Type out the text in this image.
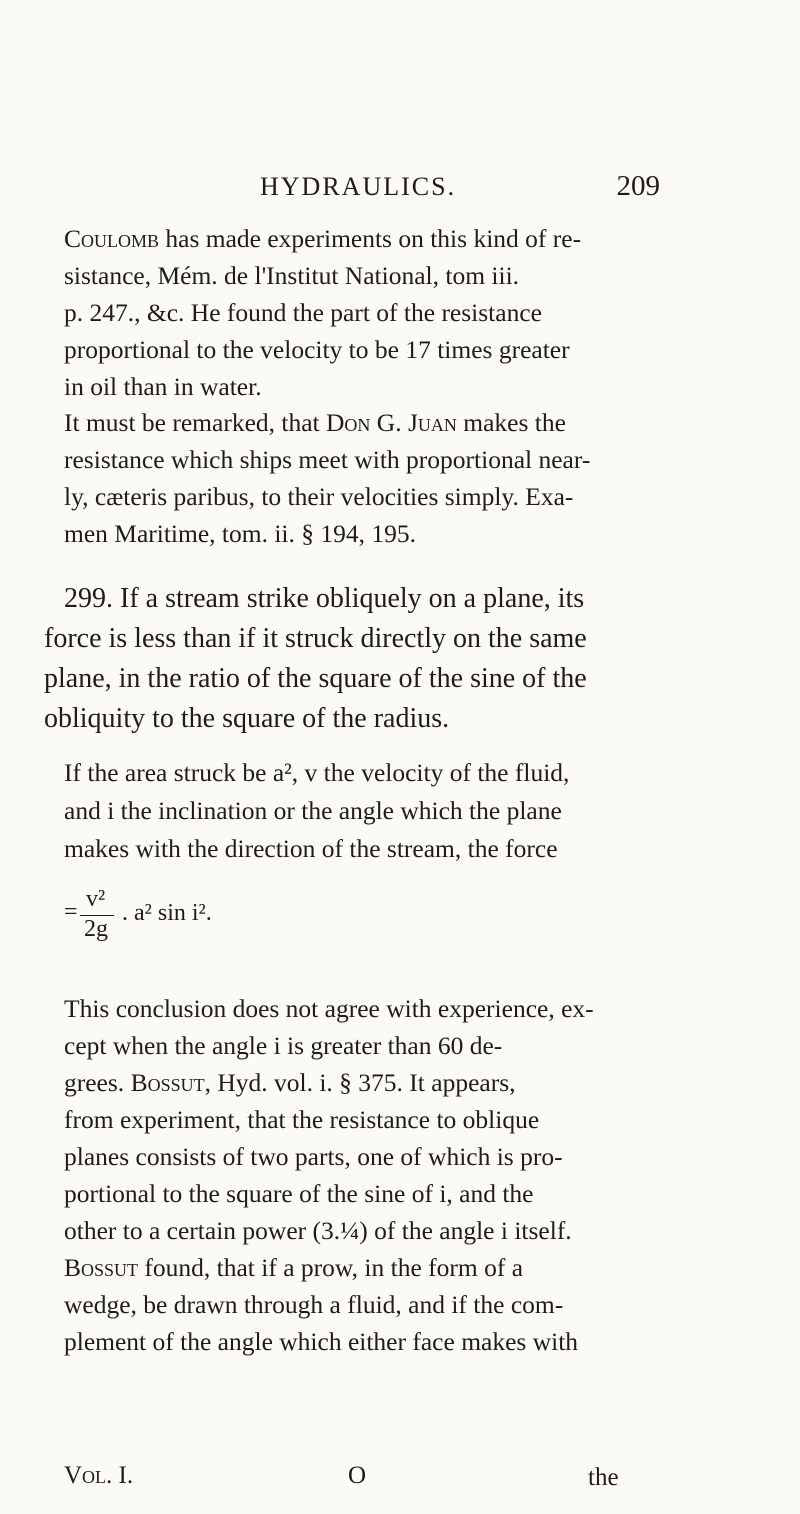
HYDRAULICS.	209
Coulomb has made experiments on this kind of re-
sistance, Mém. de l'Institut National, tom iii.
p. 247., &c. He found the part of the resistance
proportional to the velocity to be 17 times greater
in oil than in water.
It must be remarked, that Don G. Juan makes the
resistance which ships meet with proportional near-
ly, cæteris paribus, to their velocities simply. Exa-
men Maritime, tom. ii. § 194, 195.
299. If a stream strike obliquely on a plane, its
force is less than if it struck directly on the same
plane, in the ratio of the square of the sine of the
obliquity to the square of the radius.
If the area struck be a², v the velocity of the fluid,
and i the inclination or the angle which the plane
makes with the direction of the stream, the force
= v²
2g
. a² sin i².
This conclusion does not agree with experience, ex-
cept when the angle i is greater than 60 de-
grees. Bossut, Hyd. vol. i. § 375. It appears,
from experiment, that the resistance to oblique
planes consists of two parts, one of which is pro-
portional to the square of the sine of i, and the
other to a certain power (3.¼) of the angle i itself.
Bossut found, that if a prow, in the form of a
wedge, be drawn through a fluid, and if the com-
plement of the angle which either face makes with
Vol. I.	O	the
